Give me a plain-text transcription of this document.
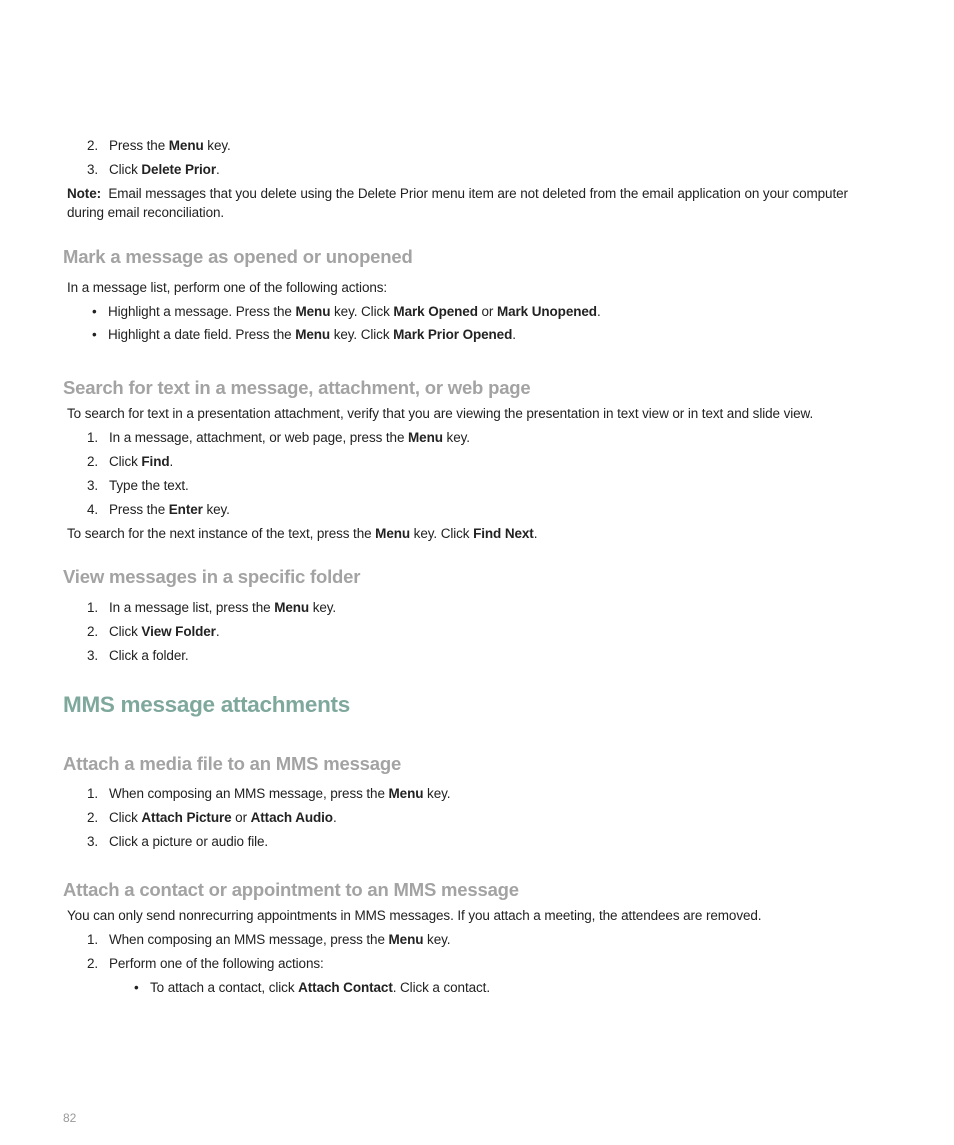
2. Press the Menu key.
3. Click Delete Prior.
Note: Email messages that you delete using the Delete Prior menu item are not deleted from the email application on your computer
during email reconciliation.
Mark a message as opened or unopened
In a message list, perform one of the following actions:
• Highlight a message. Press the Menu key. Click Mark Opened or Mark Unopened.
• Highlight a date field. Press the Menu key. Click Mark Prior Opened.
Search for text in a message, attachment, or web page
To search for text in a presentation attachment, verify that you are viewing the presentation in text view or in text and slide view.
1. In a message, attachment, or web page, press the Menu key.
2. Click Find.
3. Type the text.
4. Press the Enter key.
To search for the next instance of the text, press the Menu key. Click Find Next.
View messages in a specific folder
1. In a message list, press the Menu key.
2. Click View Folder.
3. Click a folder.
MMS message attachments
Attach a media file to an MMS message
1. When composing an MMS message, press the Menu key.
2. Click Attach Picture or Attach Audio.
3. Click a picture or audio file.
Attach a contact or appointment to an MMS message
You can only send nonrecurring appointments in MMS messages. If you attach a meeting, the attendees are removed.
1. When composing an MMS message, press the Menu key.
2. Perform one of the following actions:
• To attach a contact, click Attach Contact. Click a contact.
82
